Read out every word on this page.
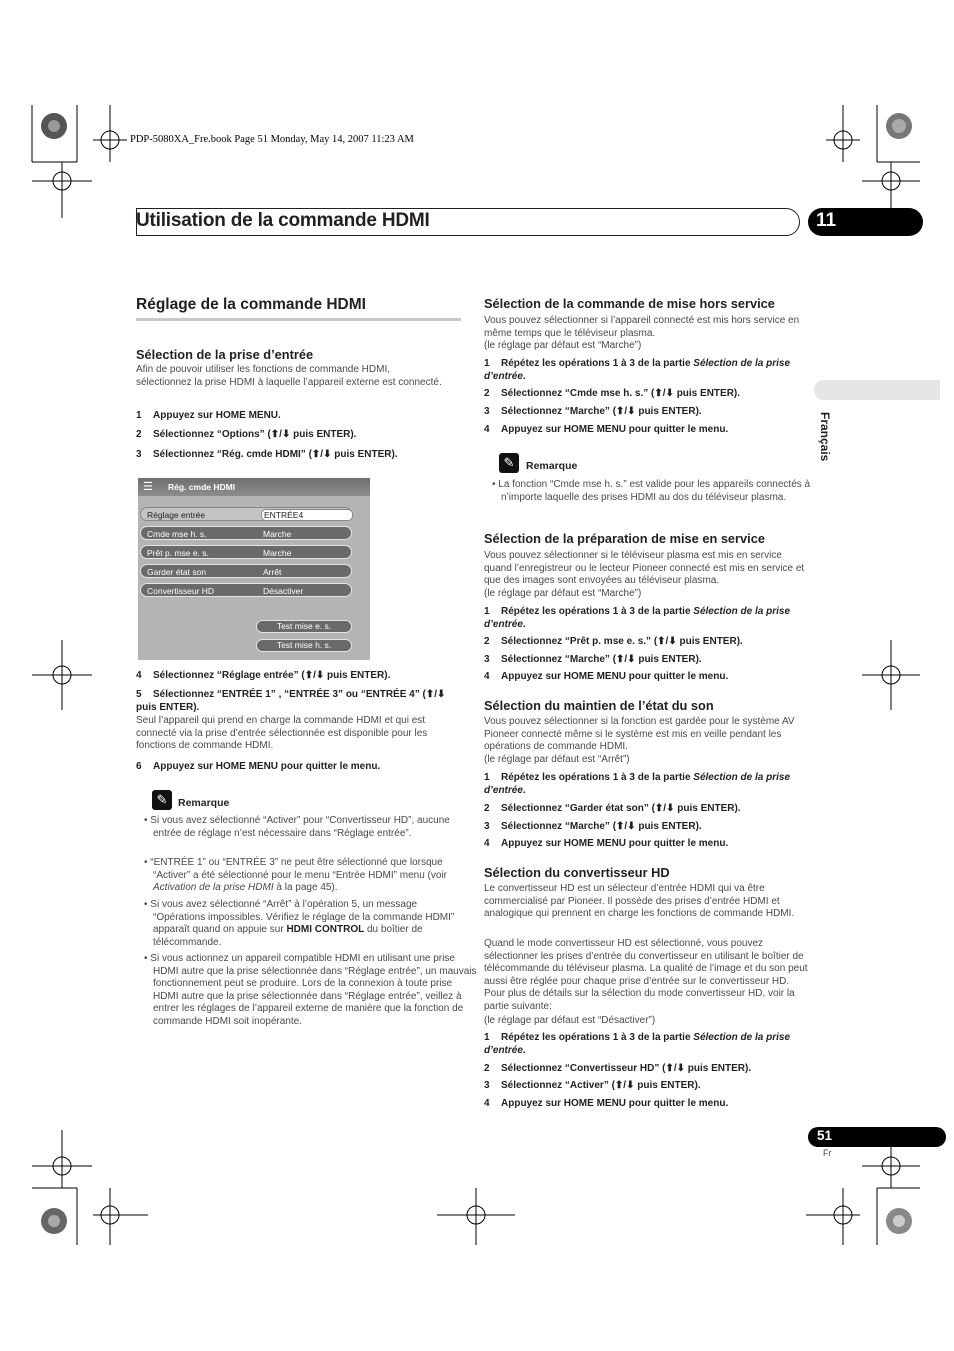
PDP-5080XA_Fre.book Page 51 Monday, May 14, 2007 11:23 AM
Utilisation de la commande HDMI	11
Français
Réglage de la commande HDMI
Sélection de la prise d’entrée
Afin de pouvoir utiliser les fonctions de commande HDMI, sélectionnez la prise HDMI à laquelle l’appareil externe est connecté.
1 Appuyez sur HOME MENU.
2 Sélectionnez “Options” (⬆/⬇ puis ENTER).
3 Sélectionnez “Rég. cmde HDMI” (⬆/⬇ puis ENTER).
☰	Rég. cmde HDMI
Réglage entrée	ENTRÉE4
Cmde mse h. s.	Marche
Prêt p. mse e. s.	Marche
Garder état son	Arrêt
Convertisseur HD	Désactiver
Test mise e. s.
Test mise h. s.
4 Sélectionnez “Réglage entrée” (⬆/⬇ puis ENTER).
5 Sélectionnez “ENTRÉE 1” , “ENTRÉE 3” ou “ENTRÉE 4” (⬆/⬇ puis ENTER).
Seul l’appareil qui prend en charge la commande HDMI et qui est connecté via la prise d’entrée sélectionnée est disponible pour les fonctions de commande HDMI.
6 Appuyez sur HOME MENU pour quitter le menu.
✎	Remarque
• Si vous avez sélectionné “Activer” pour “Convertisseur HD”, aucune entrée de réglage n’est nécessaire dans “Réglage entrée”.
• “ENTRÉE 1” ou “ENTRÉE 3” ne peut être sélectionné que lorsque “Activer” a été sélectionné pour le menu “Entrée HDMI” menu (voir Activation de la prise HDMI à la page 45).
• Si vous avez sélectionné “Arrêt” à l’opération 5, un message “Opérations impossibles. Vérifiez le réglage de la commande HDMI” apparaît quand on appuie sur HDMI CONTROL du boîtier de télécommande.
• Si vous actionnez un appareil compatible HDMI en utilisant une prise HDMI autre que la prise sélectionnée dans “Réglage entrée”, un mauvais fonctionnement peut se produire. Lors de la connexion à toute prise HDMI autre que la prise sélectionnée dans “Réglage entrée”, veillez à entrer les réglages de l’appareil externe de manière que la fonction de commande HDMI soit inopérante.
Sélection de la commande de mise hors service
Vous pouvez sélectionner si l’appareil connecté est mis hors service en même temps que le téléviseur plasma.
(le réglage par défaut est “Marche”)
1 Répétez les opérations 1 à 3 de la partie Sélection de la prise d’entrée.
2 Sélectionnez “Cmde mse h. s.” (⬆/⬇ puis ENTER).
3 Sélectionnez “Marche” (⬆/⬇ puis ENTER).
4 Appuyez sur HOME MENU pour quitter le menu.
✎	Remarque
• La fonction “Cmde mse h. s.” est valide pour les appareils connectés à n’importe laquelle des prises HDMI au dos du téléviseur plasma.
Sélection de la préparation de mise en service
Vous pouvez sélectionner si le téléviseur plasma est mis en service quand l’enregistreur ou le lecteur Pioneer connecté est mis en service et que des images sont envoyées au téléviseur plasma.
(le réglage par défaut est “Marche”)
1 Répétez les opérations 1 à 3 de la partie Sélection de la prise d’entrée.
2 Sélectionnez “Prêt p. mse e. s.” (⬆/⬇ puis ENTER).
3 Sélectionnez “Marche” (⬆/⬇ puis ENTER).
4 Appuyez sur HOME MENU pour quitter le menu.
Sélection du maintien de l’état du son
Vous pouvez sélectionner si la fonction est gardée pour le système AV Pioneer connecté même si le système est mis en veille pendant les opérations de commande HDMI.
(le réglage par défaut est “Arrêt”)
1 Répétez les opérations 1 à 3 de la partie Sélection de la prise d’entrée.
2 Sélectionnez “Garder état son” (⬆/⬇ puis ENTER).
3 Sélectionnez “Marche” (⬆/⬇ puis ENTER).
4 Appuyez sur HOME MENU pour quitter le menu.
Sélection du convertisseur HD
Le convertisseur HD est un sélecteur d’entrée HDMI qui va être commercialisé par Pioneer. Il possède des prises d’entrée HDMI et analogique qui prennent en charge les fonctions de commande HDMI.
Quand le mode convertisseur HD est sélectionné, vous pouvez sélectionner les prises d’entrée du convertisseur en utilisant le boîtier de télécommande du téléviseur plasma. La qualité de l’image et du son peut aussi être réglée pour chaque prise d’entrée sur le convertisseur HD. Pour plus de détails sur la sélection du mode convertisseur HD, voir la partie suivante:
(le réglage par défaut est “Désactiver”)
1 Répétez les opérations 1 à 3 de la partie Sélection de la prise d’entrée.
2 Sélectionnez “Convertisseur HD” (⬆/⬇ puis ENTER).
3 Sélectionnez “Activer” (⬆/⬇ puis ENTER).
4 Appuyez sur HOME MENU pour quitter le menu.
51
Fr
